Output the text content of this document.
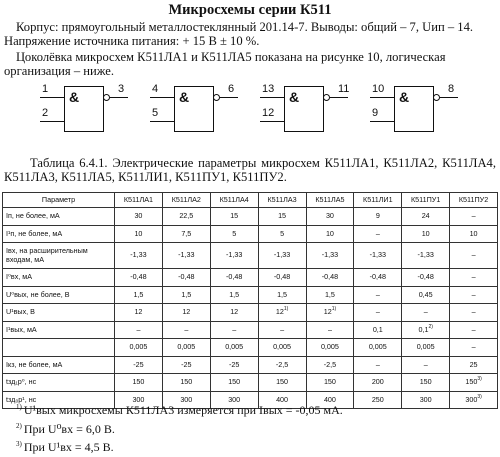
Микросхемы серии К511

Корпус: прямоугольный металлостеклянный 201.14-7. Выводы: общий – 7, Uип – 14. Напряжение источника питания: + 15 В ± 10 %.

Цоколёвка микросхем К511ЛА1 и К511ЛА5 показана на рисунке 10, логическая организация – ниже.

&
1
2
3	&
4
5
6	&
13
12
11	&
10
9
8

Таблица 6.4.1. Электрические параметры микросхем К511ЛА1, К511ЛА2, К511ЛА4, К511ЛА3, К511ЛА5, К511ЛИ1, К511ПУ1, К511ПУ2.

Параметр	К511ЛА1	К511ЛА2	К511ЛА4	К511ЛА3	К511ЛА5	К511ЛИ1	К511ПУ1	К511ПУ2
Iп, не более, мА	30	22,5	15	15	30	9	24	–
I¹п, не более, мА	10	7,5	5	5	10	–	10	10
Iвх, на расширительным входам, мА	-1,33	-1,33	-1,33	-1,33	-1,33	-1,33	-1,33	–
I⁰вх, мА	-0,48	-0,48	-0,48	-0,48	-0,48	-0,48	-0,48	–
U⁰вых, не более, В	1,5	1,5	1,5	1,5	1,5	–	0,45	–
U¹вых, В	12	12	12	12$^{1)}$	12$^{1)}$	–	–	–
I¹вых, мА	–	–	–	–	–	0,1	0,1$^{2)}$	–
	0,005	0,005	0,005	0,005	0,005	0,005	0,005	–
Iкз, не более, мА	-25	-25	-25	-2,5	-2,5	–	–	25
tзд₁р⁰, нс	150	150	150	150	150	200	150	150$^{3)}$
tзд₀р¹, нс	300	300	300	400	400	250	300	300$^{3)}$

$^{1)}$ U¹вых микросхемы К511ЛА3 измеряется при Iвых = -0,05 мА.

$^{2)}$ При U⁰вх = 6,0 В.

$^{3)}$ При U¹вх = 4,5 В.
